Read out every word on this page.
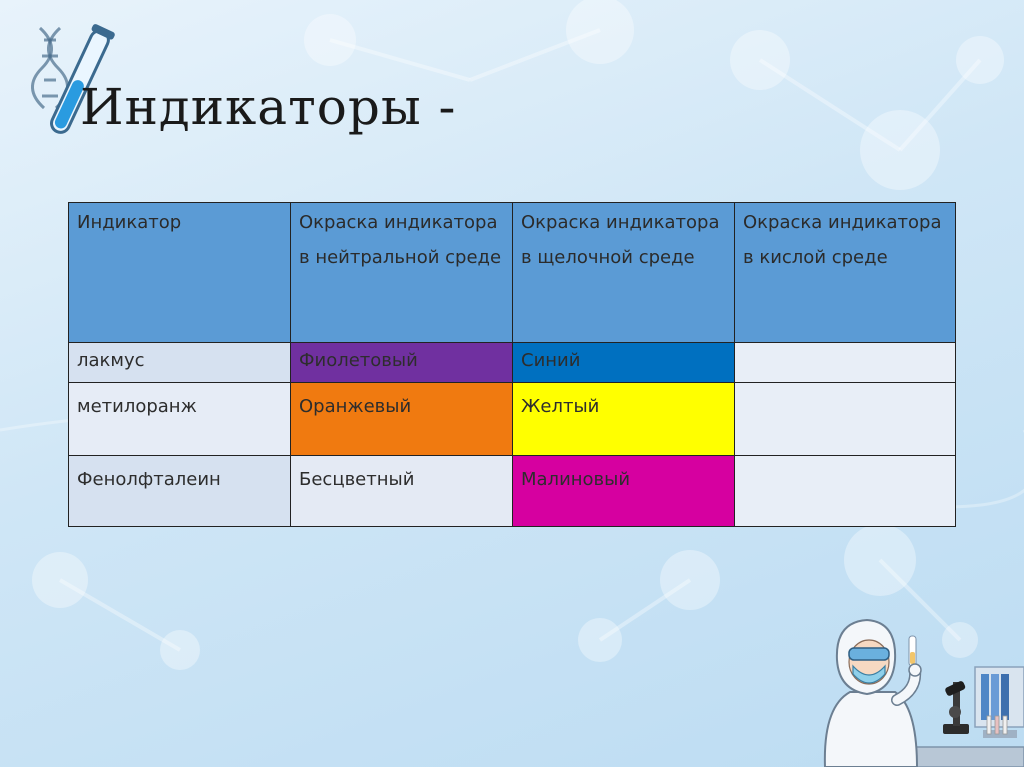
Индикаторы -
Индикатор	Окраска индикатора в нейтральной среде	Окраска индикатора в щелочной среде	Окраска индикатора в кислой среде
лакмус	Фиолетовый	Синий	
метилоранж	Оранжевый	Желтый	
Фенолфталеин	Бесцветный	Малиновый	
